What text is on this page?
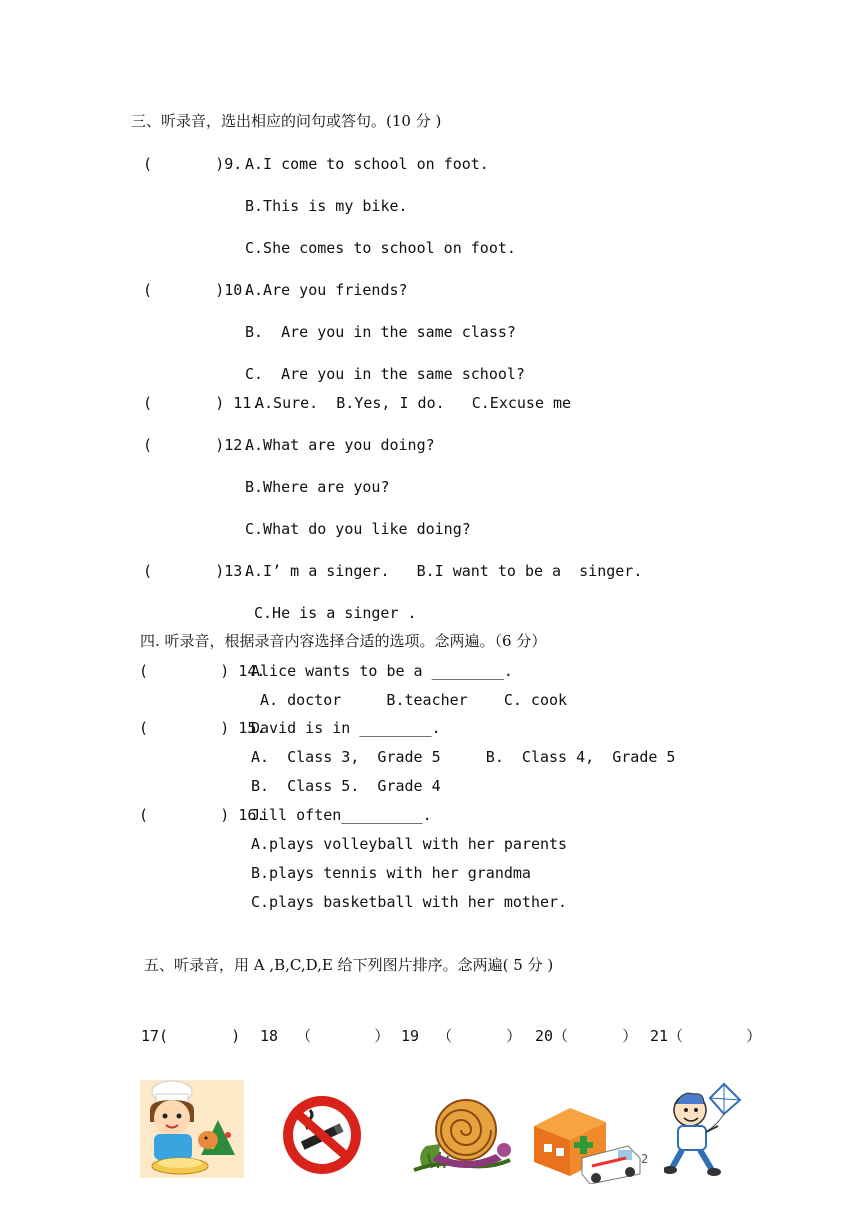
三、听录音，选出相应的问句或答句。(10 分 )
(       )9. A.I come to school on foot.
B.This is my bike.
C.She comes to school on foot.
(       )10.
A.Are you friends?
B.  Are you in the same class?
C.  Are you in the same school?
(       ) 11.
A.Sure.  B.Yes, I do.   C.Excuse me
(       )12.
A.What are you doing?
B.Where are you?
C.What do you like doing?
(       )13.
A.I’ m a singer.   B.I want to be a  singer.
C.He is a singer .
四. 听录音，根据录音内容选择合适的选项。念两遍。（6 分）
(        ) 14.
Alice wants to be a ________.
A. doctor     B.teacher    C. cook
(        ) 15.
David is in ________.
A.  Class 3,  Grade 5     B.  Class 4,  Grade 5
B.  Class 5.  Grade 4
(        ) 16.
Jill often_________.
A.plays volleyball with her parents
B.plays tennis with her grandma
C.plays basketball with her mother.
五、听录音，用 A ,B,C,D,E 给下列图片排序。念两遍( 5 分 )
17(       ) 18  （       ） 19  （      ） 20（      ） 21（       ）
2
